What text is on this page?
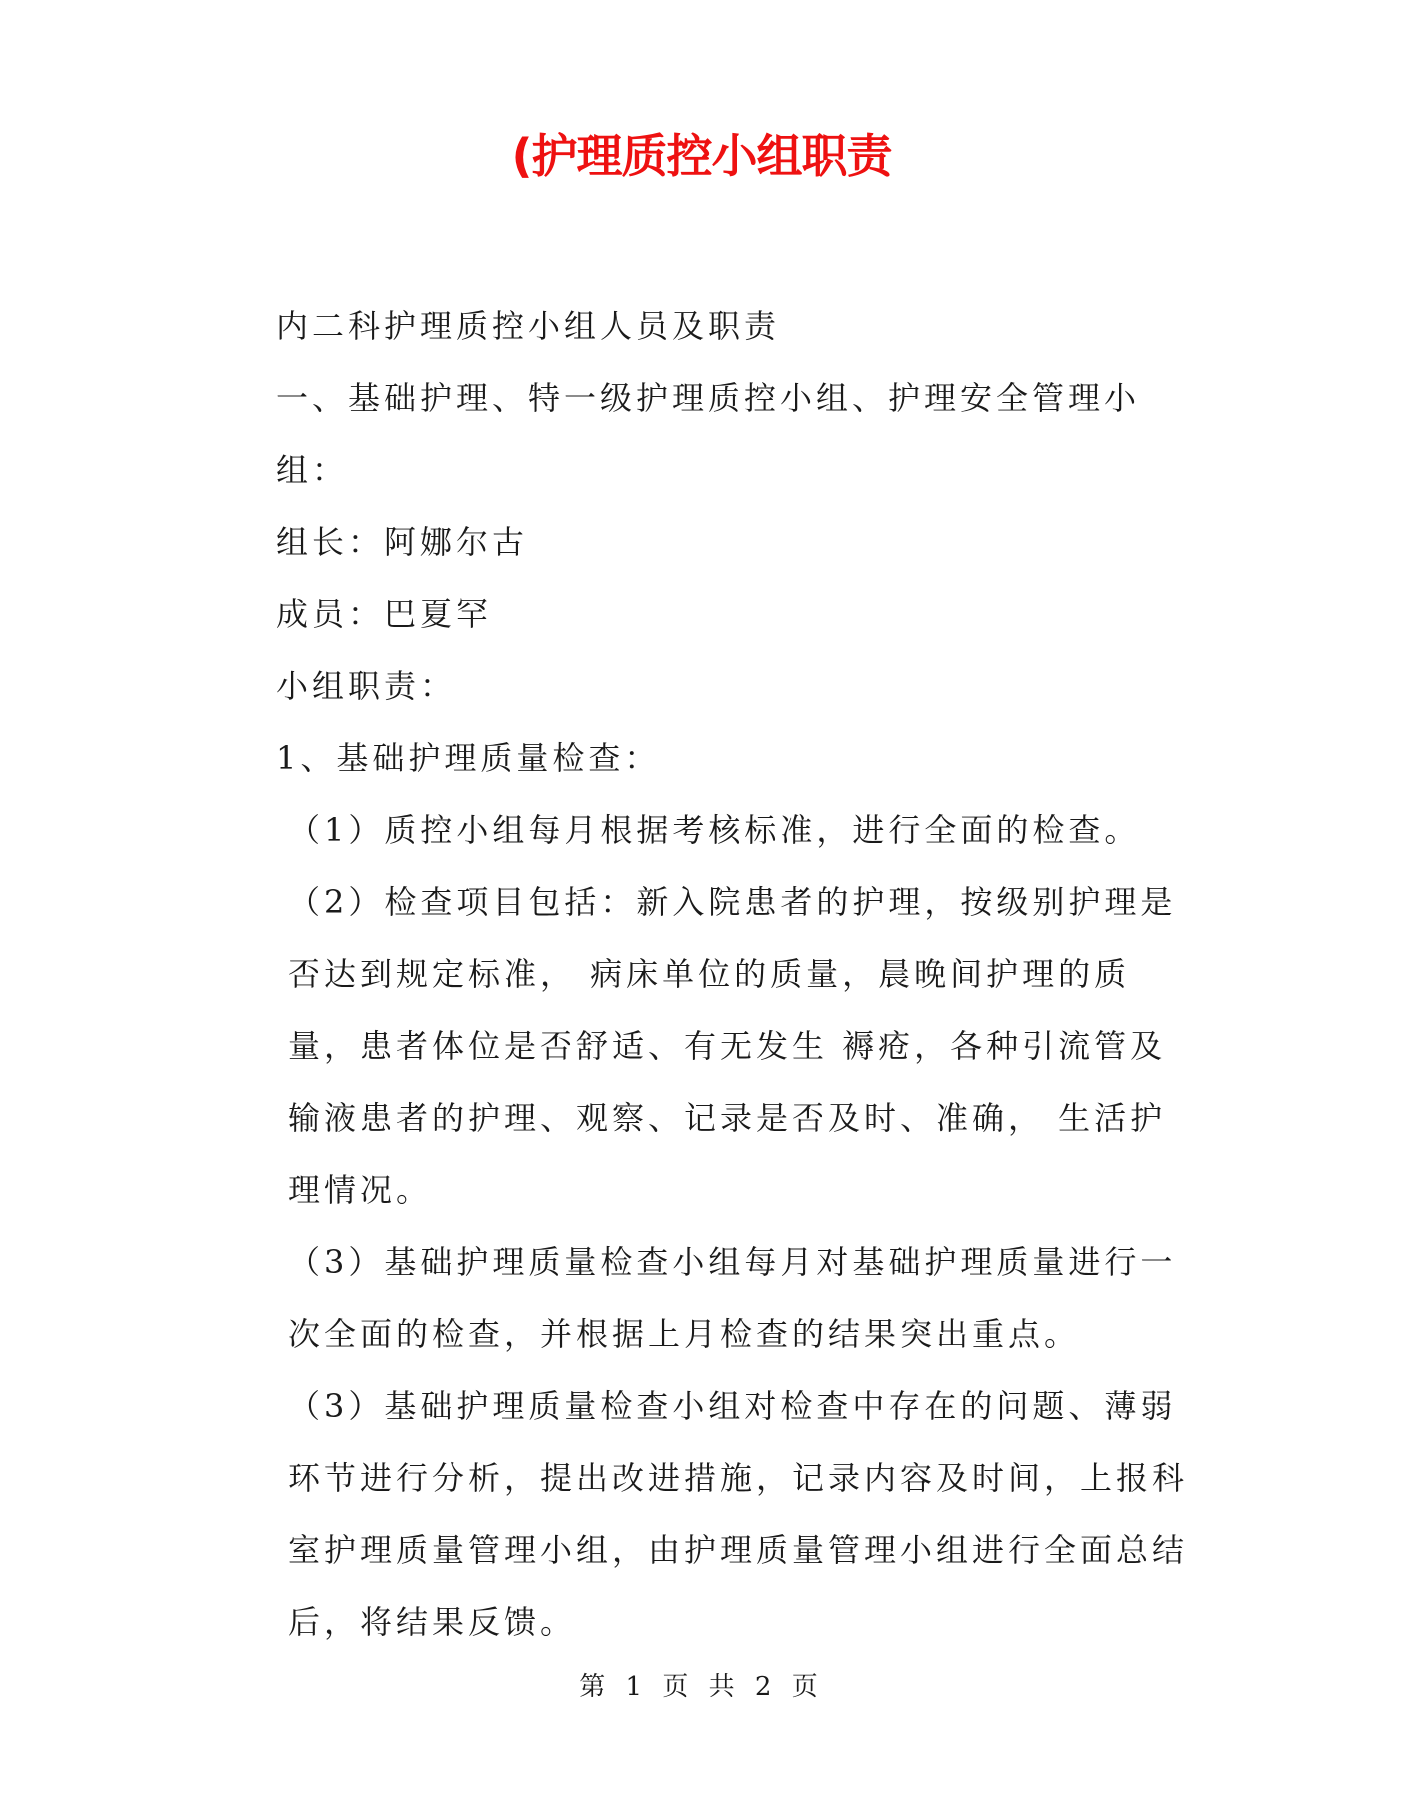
(护理质控小组职责

内二科护理质控小组人员及职责

一、基础护理、特一级护理质控小组、护理安全管理小组：

组长：阿娜尔古

成员：巴夏罕

小组职责：

1、基础护理质量检查：

（1）质控小组每月根据考核标准，进行全面的检查。

（2）检查项目包括：新入院患者的护理，按级别护理是否达到规定标准， 病床单位的质量，晨晚间护理的质量，患者体位是否舒适、有无发生 褥疮，各种引流管及输液患者的护理、观察、记录是否及时、准确， 生活护理情况。

（3）基础护理质量检查小组每月对基础护理质量进行一次全面的检查，并根据上月检查的结果突出重点。

（3）基础护理质量检查小组对检查中存在的问题、薄弱环节进行分析，提出改进措施，记录内容及时间，上报科室护理质量管理小组，由护理质量管理小组进行全面总结后，将结果反馈。

第 1 页 共 2 页
